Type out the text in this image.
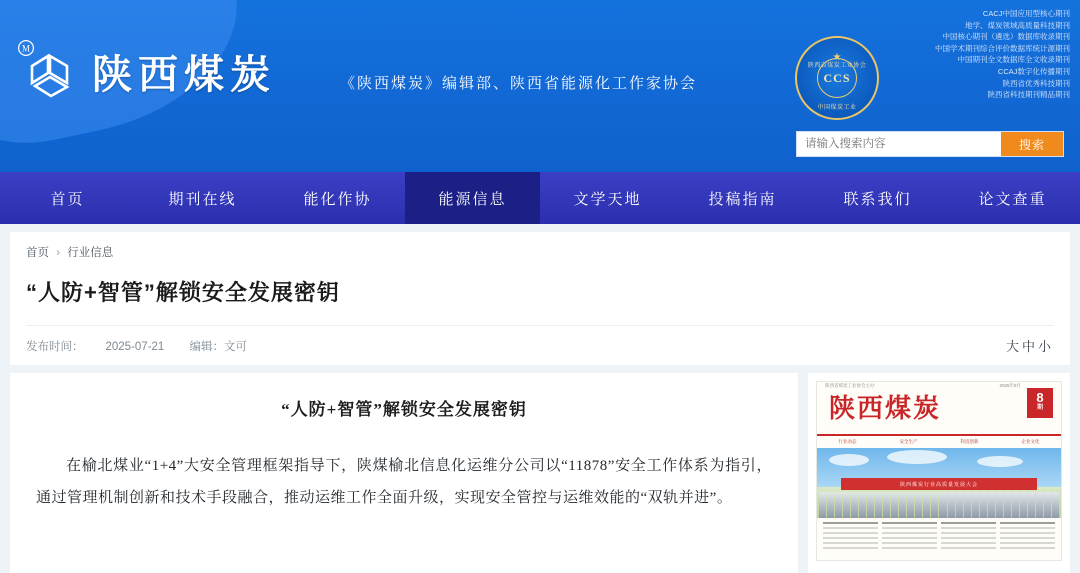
M
陕西煤炭	《陕西煤炭》编辑部、陕西省能源化工作家协会
★
陕西省煤炭工业协会
CCS
中国煤炭工业
CACJ中国应用型核心期刊
地学、煤炭领域高质量科技期刊
中国核心期刊（遴选）数据库收录期刊
中国学术期刊综合评价数据库统计源期刊
中国期刊全文数据库全文收录期刊
CCAJ数字化传播期刊
陕西省优秀科技期刊
陕西省科技期刊精品期刊
请输入搜索内容
搜索
首页	期刊在线	能化作协	能源信息	文学天地	投稿指南	联系我们	论文查重
首页 › 行业信息
“人防+智管”解锁安全发展密钥
发布时间： 2025-07-21 编辑：文可	大中小
“人防+智管”解锁安全发展密钥
在榆北煤业“1+4”大安全管理框架指导下，陕煤榆北信息化运维分公司以“11878”安全工作体系为指引，通过管理机制创新和技术手段融合，推动运维工作全面升级，实现安全管控与运维效能的“双轨并进”。
陕西省煤炭工业协会主办	2025年8月
陕西煤炭	8
期
行业动态	安全生产	科技创新	企业文化
陕西煤炭行业高质量发展大会
